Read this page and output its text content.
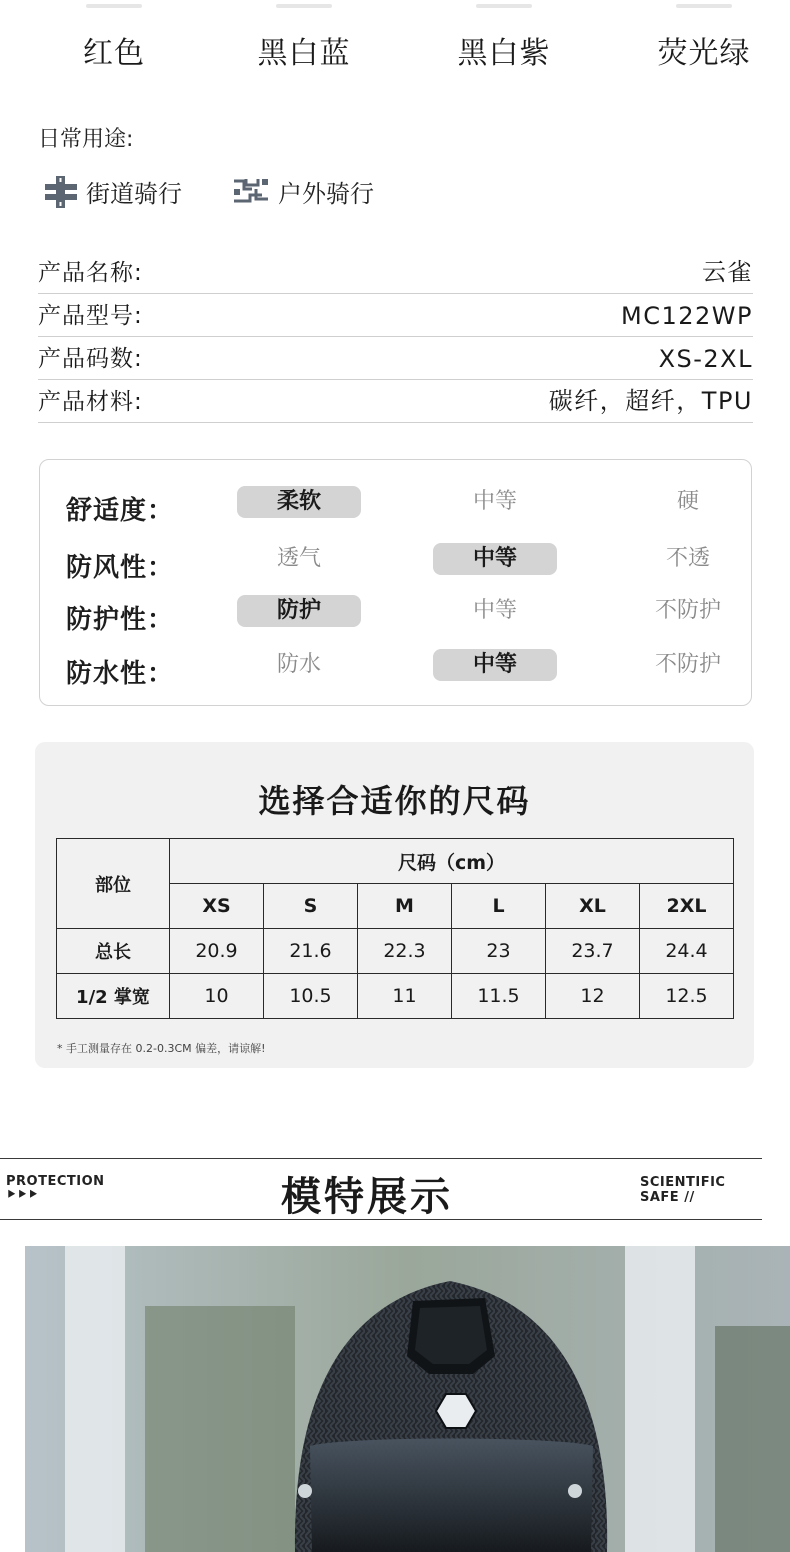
红色	黑白蓝	黑白紫	荧光绿
日常用途:
街道骑行	户外骑行
产品名称:	云雀
产品型号:	MC122WP
产品码数:	XS-2XL
产品材料:	碳纤，超纤，TPU
舒适度：	柔软	中等	硬
防风性：	透气	中等	不透
防护性：	防护	中等	不防护
防水性：	防水	中等	不防护
选择合适你的尺码
部位	尺码（cm）					
	XS	S	M	L	XL	2XL
总长	20.9	21.6	22.3	23	23.7	24.4
1/2 掌宽	10	10.5	11	11.5	12	12.5
* 手工测量存在 0.2-0.3CM 偏差，请谅解!
PROTECTION
⯈⯈⯈	模特展示	SCIENTIFIC
SAFE //
